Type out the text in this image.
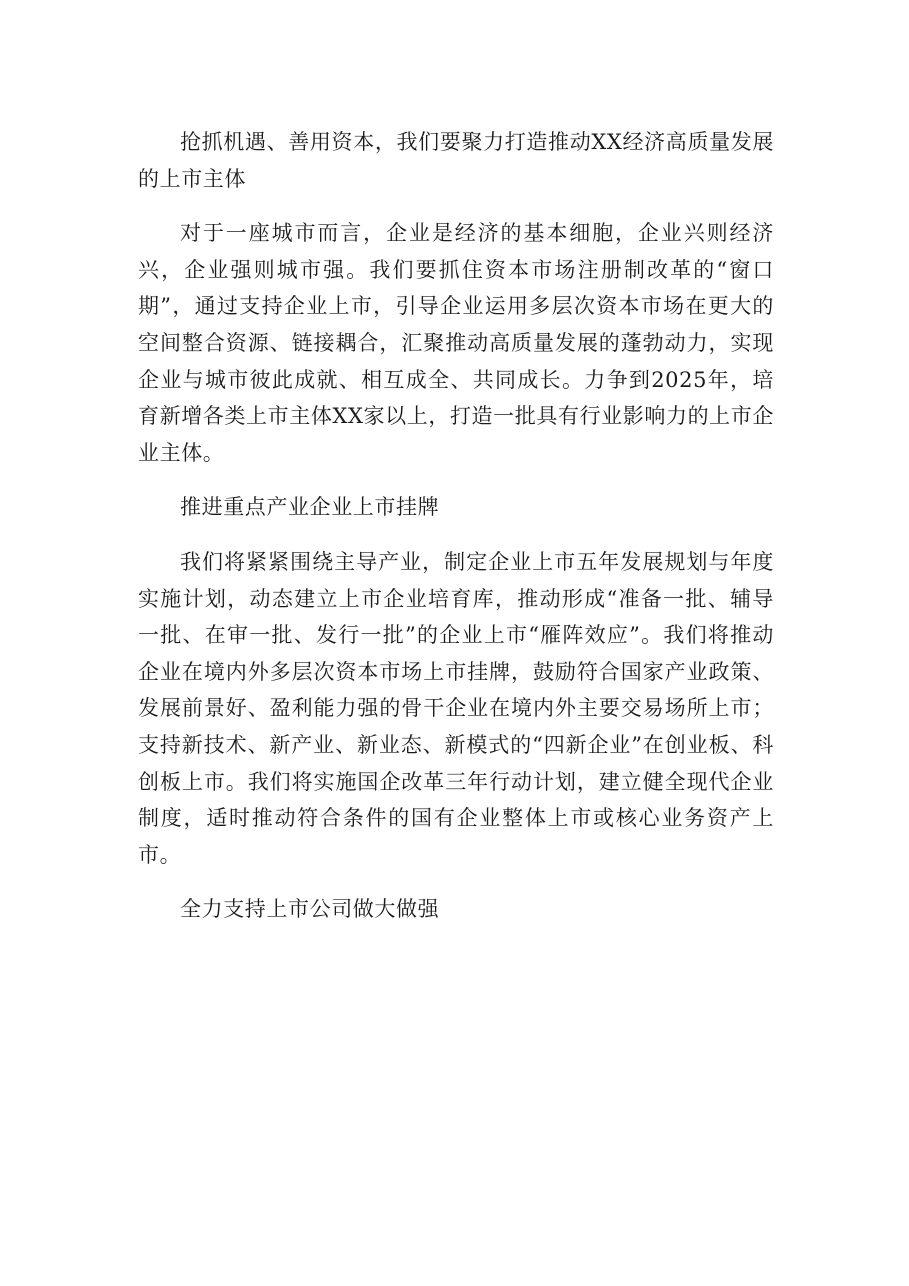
抢抓机遇、善用资本，我们要聚力打造推动XX经济高质量发展的上市主体

对于一座城市而言，企业是经济的基本细胞，企业兴则经济兴，企业强则城市强。我们要抓住资本市场注册制改革的“窗口期”，通过支持企业上市，引导企业运用多层次资本市场在更大的空间整合资源、链接耦合，汇聚推动高质量发展的蓬勃动力，实现企业与城市彼此成就、相互成全、共同成长。力争到2025年，培育新增各类上市主体XX家以上，打造一批具有行业影响力的上市企业主体。

推进重点产业企业上市挂牌

我们将紧紧围绕主导产业，制定企业上市五年发展规划与年度实施计划，动态建立上市企业培育库，推动形成“准备一批、辅导一批、在审一批、发行一批”的企业上市“雁阵效应”。我们将推动企业在境内外多层次资本市场上市挂牌，鼓励符合国家产业政策、发展前景好、盈利能力强的骨干企业在境内外主要交易场所上市；支持新技术、新产业、新业态、新模式的“四新企业”在创业板、科创板上市。我们将实施国企改革三年行动计划，建立健全现代企业制度，适时推动符合条件的国有企业整体上市或核心业务资产上市。

全力支持上市公司做大做强
